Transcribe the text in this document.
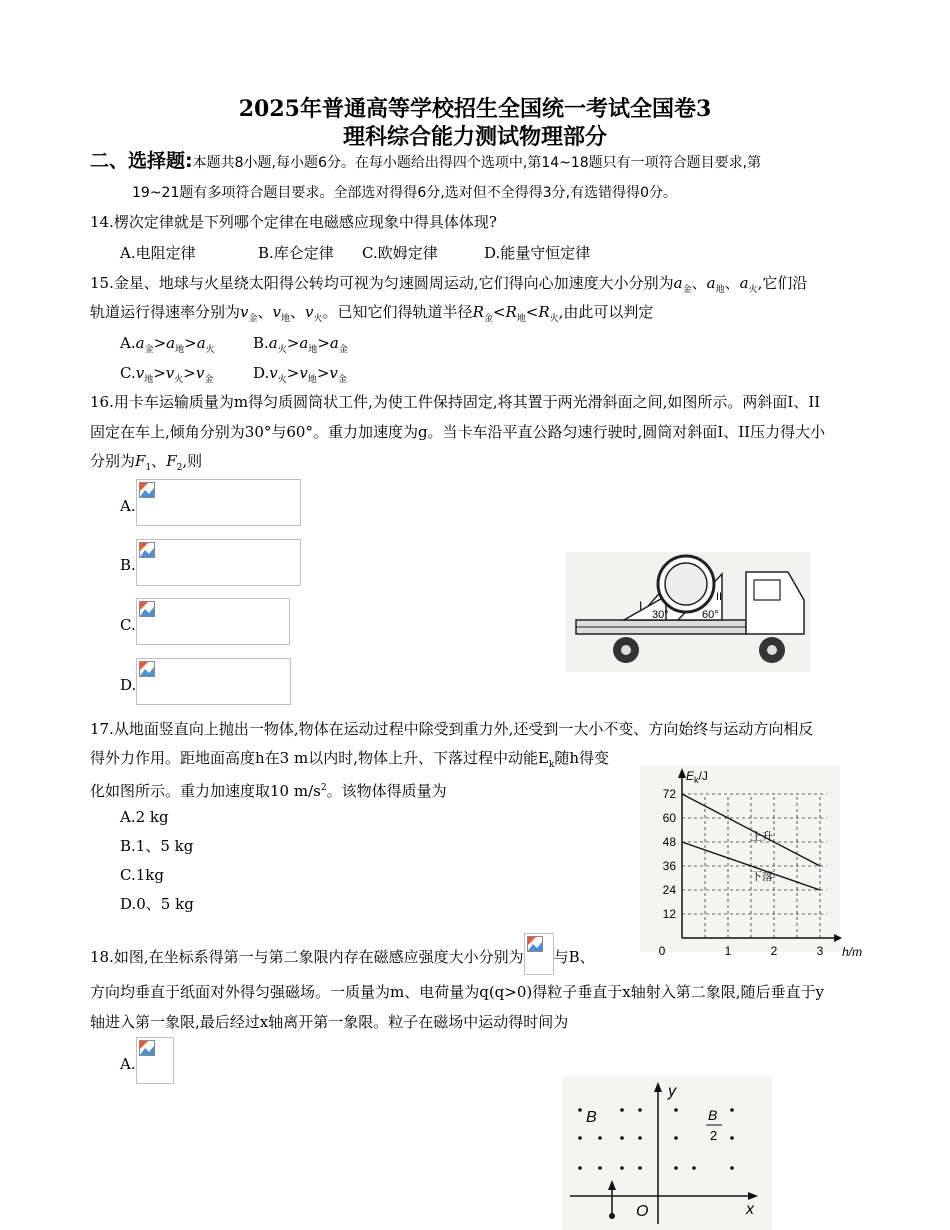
2025年普通高等学校招生全国统一考试全国卷3
理科综合能力测试物理部分
二、选择题:本题共8小题,每小题6分。在每小题给出得四个选项中,第14~18题只有一项符合题目要求,第
19~21题有多项符合题目要求。全部选对得得6分,选对但不全得得3分,有选错得得0分。
14.楞次定律就是下列哪个定律在电磁感应现象中得具体体现?
A.电阻定律	B.库仑定律 C.欧姆定律	D.能量守恒定律
15.金星、地球与火星绕太阳得公转均可视为匀速圆周运动,它们得向心加速度大小分别为$a_金$、$a_地$、$a_火$,它们沿
轨道运行得速率分别为$v_金$、$v_地$、$v_火$。已知它们得轨道半径$R_金<R_地<R_火$,由此可以判定
$A.a_金>a_地>a_火$	$B.a_火>a_地>a_金$
$C.v_地>v_火>v_金$	$D.v_火>v_地>v_金$
16.用卡车运输质量为m得匀质圆筒状工件,为使工件保持固定,将其置于两光滑斜面之间,如图所示。两斜面I、II
固定在车上,倾角分别为30°与60°。重力加速度为g。当卡车沿平直公路匀速行驶时,圆筒对斜面I、II压力得大小
分别为$F_1$、$F_2$,则
A.
B.
C.
D.
I
II
30°	60°
17.从地面竖直向上抛出一物体,物体在运动过程中除受到重力外,还受到一大小不变、方向始终与运动方向相反
得外力作用。距地面高度h在3 m以内时,物体上升、下落过程中动能$E_k$随h得变
化如图所示。重力加速度取10 $m/s^2$。该物体得质量为
A.2 kg
B.1、5 kg
C.1kg
D.0、5 kg
12
24
36
48
60
72
0	1	2	3
$E_k/J$
h/m
上升
下落
18.如图,在坐标系得第一与第二象限内存在磁感应强度大小分别为 与B、
方向均垂直于纸面对外得匀强磁场。一质量为m、电荷量为q(q>0)得粒子垂直于x轴射入第二象限,随后垂直于y
轴进入第一象限,最后经过x轴离开第一象限。粒子在磁场中运动得时间为
A.
y
x
O
B	B
2
